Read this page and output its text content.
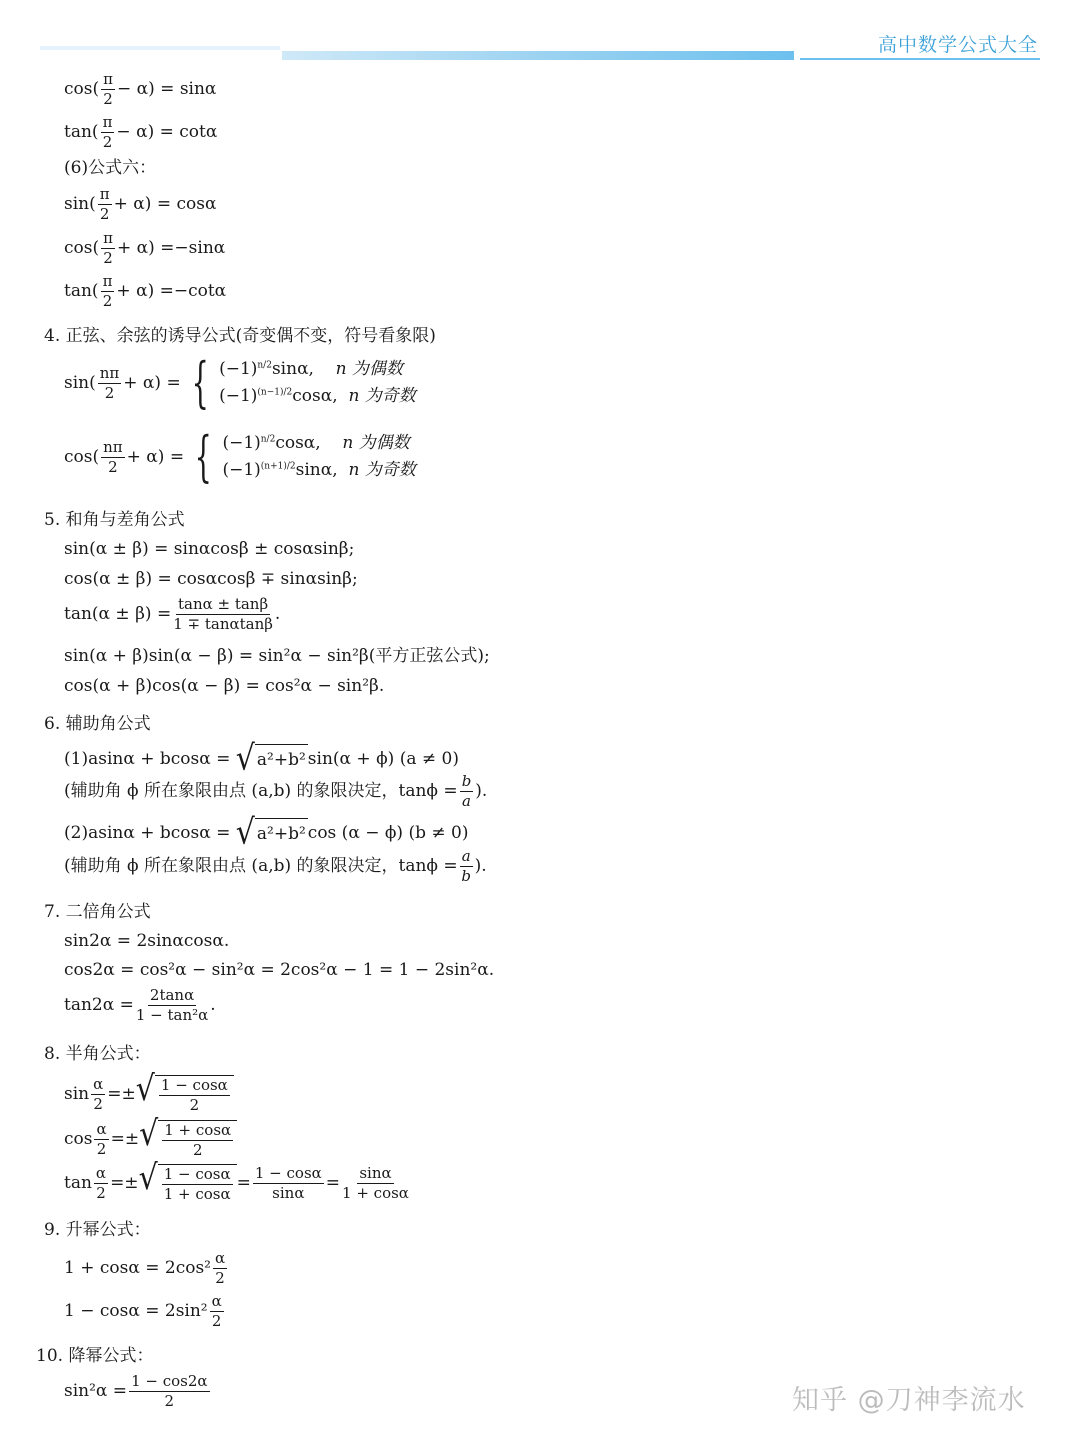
高中数学公式大全
cos ( $\frac{\pi}{2} - \alpha$ ) = sinα
tan ( $\frac{\pi}{2} - \alpha$ ) = cotα
(6)公式六：
sin ( $\frac{\pi}{2} + \alpha$ ) = cosα
cos ( $\frac{\pi}{2} + \alpha$ ) =−sinα
tan ( $\frac{\pi}{2} + \alpha$ ) =−cotα
4. 正弦、余弦的诱导公式(奇变偶不变，符号看象限)
$\sin( \frac{n\pi}{2} + \alpha)$ = { $(-1)^{n/2}\sin\alpha$, n 为偶数
$(-1)^{(n-1)/2}\cos\alpha$, n 为奇数
$\cos( \frac{n\pi}{2} + \alpha)$ = { $(-1)^{n/2}\cos\alpha$, n 为偶数
$(-1)^{(n+1)/2}\sin\alpha$, n 为奇数
5. 和角与差角公式
sin(α ± β) = sinαcosβ ± cosαsinβ;
cos(α ± β) = cosαcosβ ∓ sinαsinβ;
$\tan(\alpha \pm \beta) = \frac{\tan\alpha \pm \tan\beta}{1 \mp \tan\alpha\tan\beta}$ .
sin(α + β)sin(α − β) = sin²α − sin²β(平方正弦公式);
cos(α + β)cos(α − β) = cos²α − sin²β.
6. 辅助角公式
(1)asinα + bcosα =
√ a²+b² sin(α + ϕ) (a ≠ 0)
(辅助角 ϕ 所在象限由点 (a,b) 的象限决定，$\tan\phi = \frac{b}{a}$ ).
(2)asinα + bcosα =
√ a²+b² cos (α − ϕ) (b ≠ 0)
(辅助角 ϕ 所在象限由点 (a,b) 的象限决定，$\tan\phi = \frac{a}{b}$ ).
7. 二倍角公式
sin2α = 2sinαcosα.
cos2α = cos²α − sin²α = 2cos²α − 1 = 1 − 2sin²α.
$\tan 2\alpha = \frac{2\tan\alpha}{\text{1 − tan²α}}$ .
8. 半角公式：
$\sin \frac{\alpha}{2}$ =± √ $\frac{1 - \cos\alpha}{2}$
$\cos \frac{\alpha}{2}$ =± √ $\frac{1 + \cos\alpha}{2}$
$\tan \frac{\alpha}{2}$ =± √ $\frac{1 - \cos\alpha}{1 + \cos\alpha} = \frac{1 - \cos\alpha}{\sin\alpha} = \frac{\sin\alpha}{1 + \cos\alpha}$
9. 升幂公式：
$1 + \cos\alpha = 2\cos^2 \frac{\alpha}{2}$
$1 - \cos\alpha = 2\sin^2 \frac{\alpha}{2}$
10. 降幂公式：
$\sin^2\alpha = \frac{1 - \cos 2\alpha}{2}$	知乎 @刀神李流水
